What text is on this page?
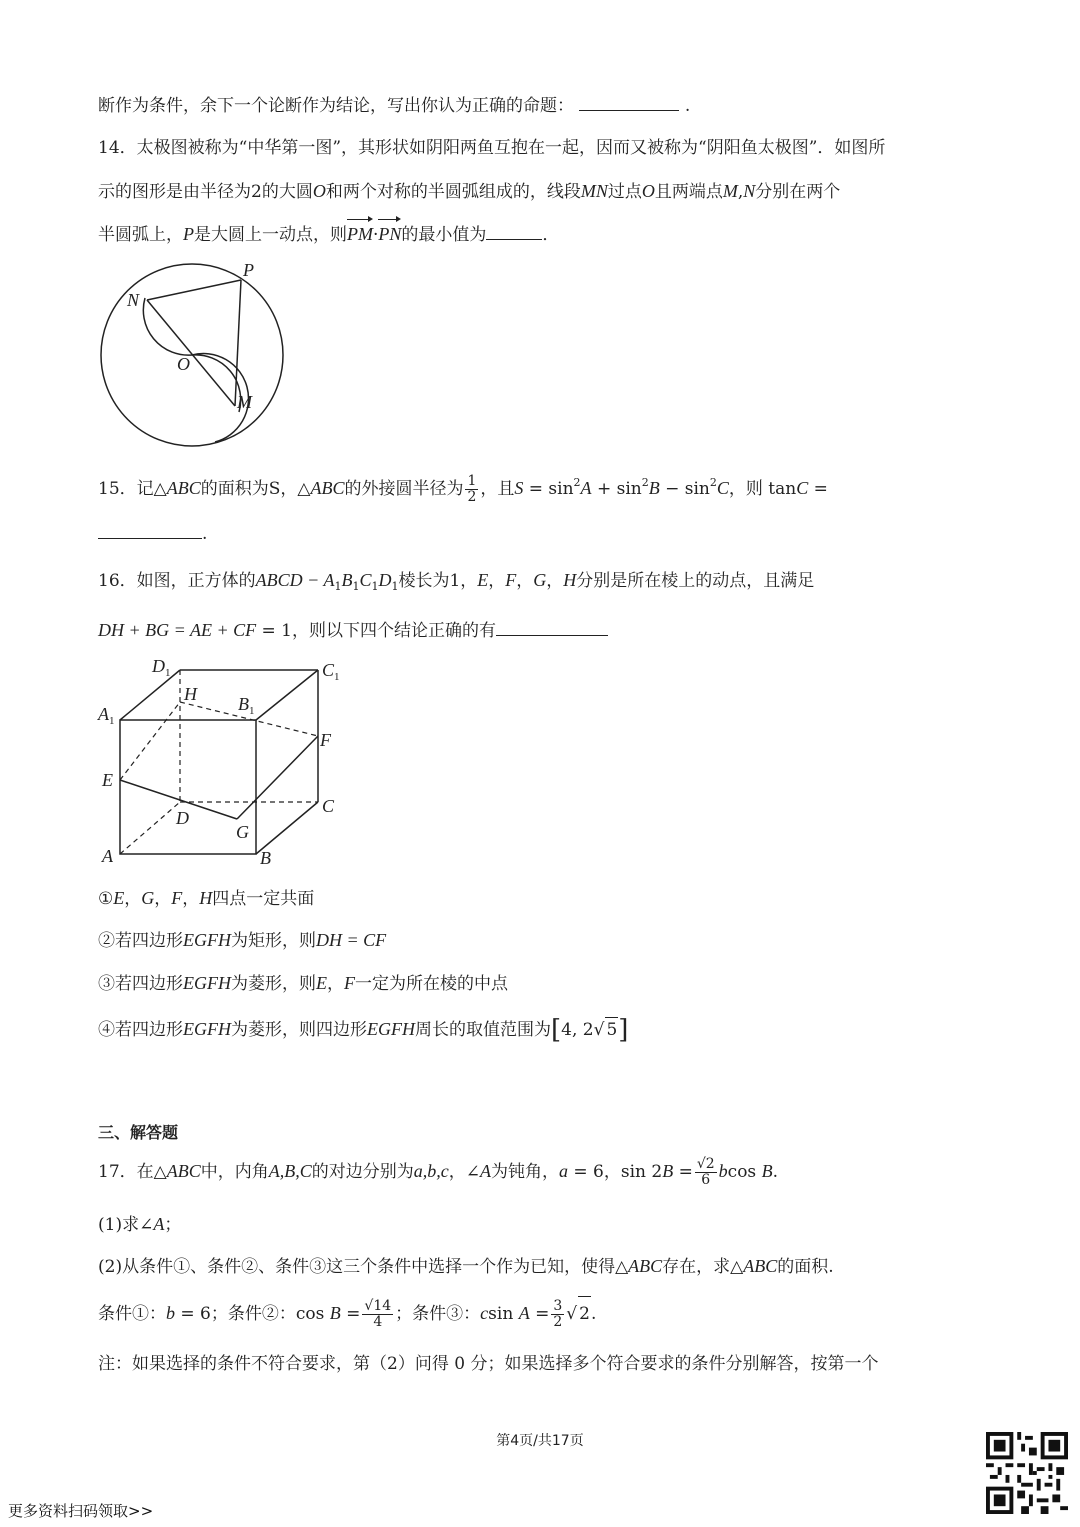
断作为条件，余下一个论断作为结论，写出你认为正确的命题：	.
14．太极图被称为“中华第一图”，其形状如阴阳两鱼互抱在一起，因而又被称为“阴阳鱼太极图”．如图所
示的图形是由半径为2的大圆O和两个对称的半圆弧组成的，线段MN过点O且两端点M,N分别在两个
半圆弧上，P是大圆上一动点，则PM·PN的最小值为	．
P
N
O
M
15．记△ABC的面积为S，△ABC的外接圆半径为 $\frac{1}{2}$ ，且$S = \sin^2A + \sin^2B - \sin^2C$，则 tanC =
.
16．如图，正方体的ABCD − $A_1B_1C_1D_1$棱长为1，E，F，G，H分别是所在棱上的动点，且满足
DH + BG = AE + CF = 1，则以下四个结论正确的有
$D_1$	$C_1$
H
$A_1$
$B_1$
F
E
C
D
G
A	B
①E，G，F，H四点一定共面
②若四边形EGFH为矩形，则DH = CF
③若四边形EGFH为菱形，则E，F一定为所在棱的中点
④若四边形EGFH为菱形，则四边形EGFH周长的取值范围为[4, 2√ 5]
三、解答题
17．在△ABC中，内角A,B,C的对边分别为a,b,c，∠A为钝角，a = 6，$\sin 2B = \frac{√2}{6}$ bcos B.
(1)求∠A；
(2)从条件①、条件②、条件③这三个条件中选择一个作为已知，使得△ABC存在，求△ABC的面积.
条件①：b = 6；条件②：$\cos B = \frac{√14}{4}$ ；条件③：csin $A = \frac{3}{2}$ √ 2.
注：如果选择的条件不符合要求，第（2）问得 0 分；如果选择多个符合要求的条件分别解答，按第一个
第4页/共17页
更多资料扫码领取>>
